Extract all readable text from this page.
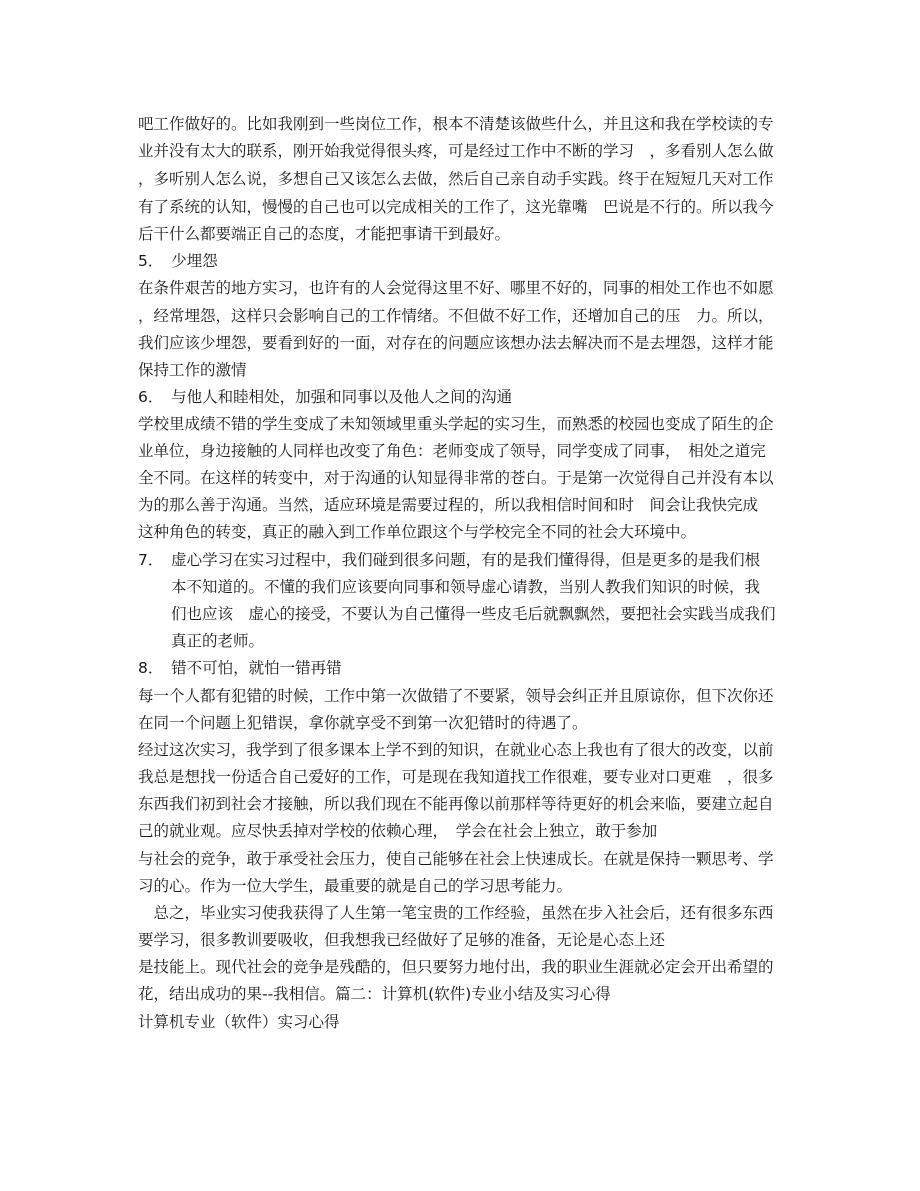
吧工作做好的。比如我刚到一些岗位工作，根本不清楚该做些什么，并且这和我在学校读的专
业并没有太大的联系，刚开始我觉得很头疼，可是经过工作中不断的学习　，多看别人怎么做
，多听别人怎么说，多想自己又该怎么去做，然后自己亲自动手实践。终于在短短几天对工作
有了系统的认知，慢慢的自己也可以完成相关的工作了，这光靠嘴　巴说是不行的。所以我今
后干什么都要端正自己的态度，才能把事请干到最好。
5．　少埋怨
在条件艰苦的地方实习，也许有的人会觉得这里不好、哪里不好的，同事的相处工作也不如愿
，经常埋怨，这样只会影响自己的工作情绪。不但做不好工作，还增加自己的压　力。所以，
我们应该少埋怨，要看到好的一面，对存在的问题应该想办法去解决而不是去埋怨，这样才能
保持工作的激情
6．　与他人和睦相处，加强和同事以及他人之间的沟通
学校里成绩不错的学生变成了未知领域里重头学起的实习生，而熟悉的校园也变成了陌生的企
业单位，身边接触的人同样也改变了角色：老师变成了领导，同学变成了同事，　相处之道完
全不同。在这样的转变中，对于沟通的认知显得非常的苍白。于是第一次觉得自己并没有本以
为的那么善于沟通。当然，适应环境是需要过程的，所以我相信时间和时　间会让我快完成
这种角色的转变，真正的融入到工作单位跟这个与学校完全不同的社会大环境中。
7．　虚心学习在实习过程中，我们碰到很多问题，有的是我们懂得得，但是更多的是我们根
本不知道的。不懂的我们应该要向同事和领导虚心请教，当别人教我们知识的时候，我
们也应该　虚心的接受，不要认为自己懂得一些皮毛后就飘飘然，要把社会实践当成我们
真正的老师。
8．　错不可怕，就怕一错再错
每一个人都有犯错的时候，工作中第一次做错了不要紧，领导会纠正并且原谅你，但下次你还
在同一个问题上犯错误，拿你就享受不到第一次犯错时的待遇了。
经过这次实习，我学到了很多课本上学不到的知识，在就业心态上我也有了很大的改变，以前
我总是想找一份适合自己爱好的工作，可是现在我知道找工作很难，要专业对口更难　，很多
东西我们初到社会才接触，所以我们现在不能再像以前那样等待更好的机会来临，要建立起自
己的就业观。应尽快丢掉对学校的依赖心理，　学会在社会上独立，敢于参加
与社会的竞争，敢于承受社会压力，使自己能够在社会上快速成长。在就是保持一颗思考、学
习的心。作为一位大学生，最重要的就是自己的学习思考能力。
　总之，毕业实习使我获得了人生第一笔宝贵的工作经验，虽然在步入社会后，还有很多东西
要学习，很多教训要吸收，但我想我已经做好了足够的准备，无论是心态上还
是技能上。现代社会的竞争是残酷的，但只要努力地付出，我的职业生涯就必定会开出希望的
花，结出成功的果--我相信。篇二：计算机(软件)专业小结及实习心得
计算机专业（软件）实习心得
